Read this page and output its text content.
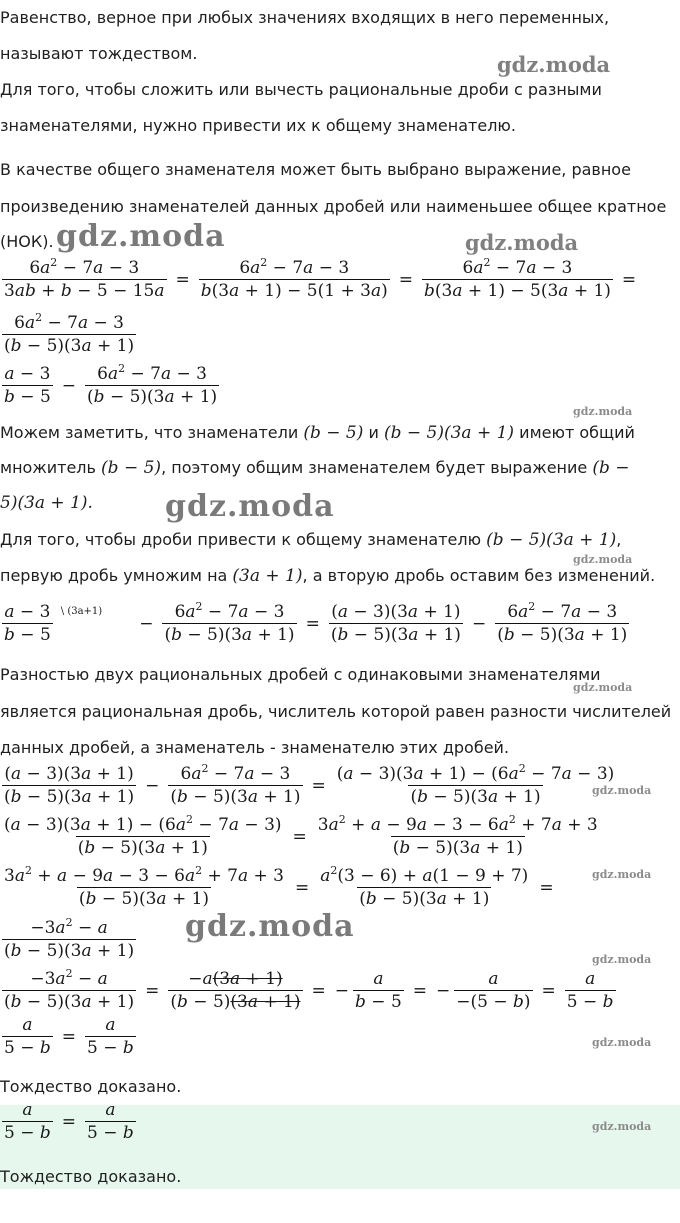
Равенство, верное при любых значениях входящих в него переменных,
называют тождеством.	gdz.moda
Для того, чтобы сложить или вычесть рациональные дроби с разными
знаменателями, нужно привести их к общему знаменателю.
В качестве общего знаменателя может быть выбрано выражение, равное
произведению знаменателей данных дробей или наименьшее общее кратное
(НОК). gdz.moda	gdz.moda
$\frac{6a^2 - 7a - 3}{3ab + b - 5 - 15a} = \frac{6a^2 - 7a - 3}{b(3a + 1) - 5(1 + 3a)} = \frac{6a^2 - 7a - 3}{b(3a + 1) - 5(3a + 1)}$ =
$\frac{6a^2 - 7a - 3}{(b - 5)(3a + 1)}$
$\frac{a - 3}{b - 5} - \frac{6a^2 - 7a - 3}{(b - 5)(3a + 1)}$
gdz.moda
Можем заметить, что знаменатели (b − 5) и (b − 5)(3a + 1) имеют общий
множитель (b − 5), поэтому общим знаменателем будет выражение (b −
5)(3a + 1). gdz.moda
Для того, чтобы дроби привести к общему знаменателю (b − 5)(3a + 1),
gdz.moda
первую дробь умножим на (3a + 1), а вторую дробь оставим без изменений.
$\frac{a - 3}{b - 5}$ \ (3a+1)
− $\frac{6a^2 - 7a - 3}{(b - 5)(3a + 1)} = \frac{(a - 3)(3a + 1)}{(b - 5)(3a + 1)} - \frac{6a^2 - 7a - 3}{(b - 5)(3a + 1)}$
Разностью двух рациональных дробей с одинаковыми знаменателями
gdz.moda
является рациональная дробь, числитель которой равен разности числителей
данных дробей, а знаменатель - знаменателю этих дробей.
$\frac{(a - 3)(3a + 1)}{(b - 5)(3a + 1)} - \frac{6a^2 - 7a - 3}{(b - 5)(3a + 1)} = \frac{(a - 3)(3a + 1) - (6a^2 - 7a - 3)}{(b - 5)(3a + 1)}$
gdz.moda
$\frac{(a - 3)(3a + 1) - (6a^2 - 7a - 3)}{(b - 5)(3a + 1)} = \frac{3a^2 + a - 9a - 3 - 6a^2 + 7a + 3}{(b - 5)(3a + 1)}$
$\frac{3a^2 + a - 9a - 3 - 6a^2 + 7a + 3}{(b - 5)(3a + 1)} = \frac{a^2(3 - 6) + a(1 - 9 + 7)}{(b - 5)(3a + 1)}$ =
gdz.moda
$\frac{-3a^2 - a}{(b - 5)(3a + 1)}$ gdz.moda
gdz.moda
$\frac{-3a^2 - a}{(b - 5)(3a + 1)} = \frac{-a(3a + 1)}{(b - 5)(3a + 1)}$ = − $\frac{a}{b - 5}$ = − $\frac{a}{-(5 - b)} = \frac{a}{5 - b}$
$\frac{a}{5 - b} = \frac{a}{5 - b}$	gdz.moda
Тождество доказано.
$\frac{a}{5 - b} = \frac{a}{5 - b}$	gdz.moda
Тождество доказано.
